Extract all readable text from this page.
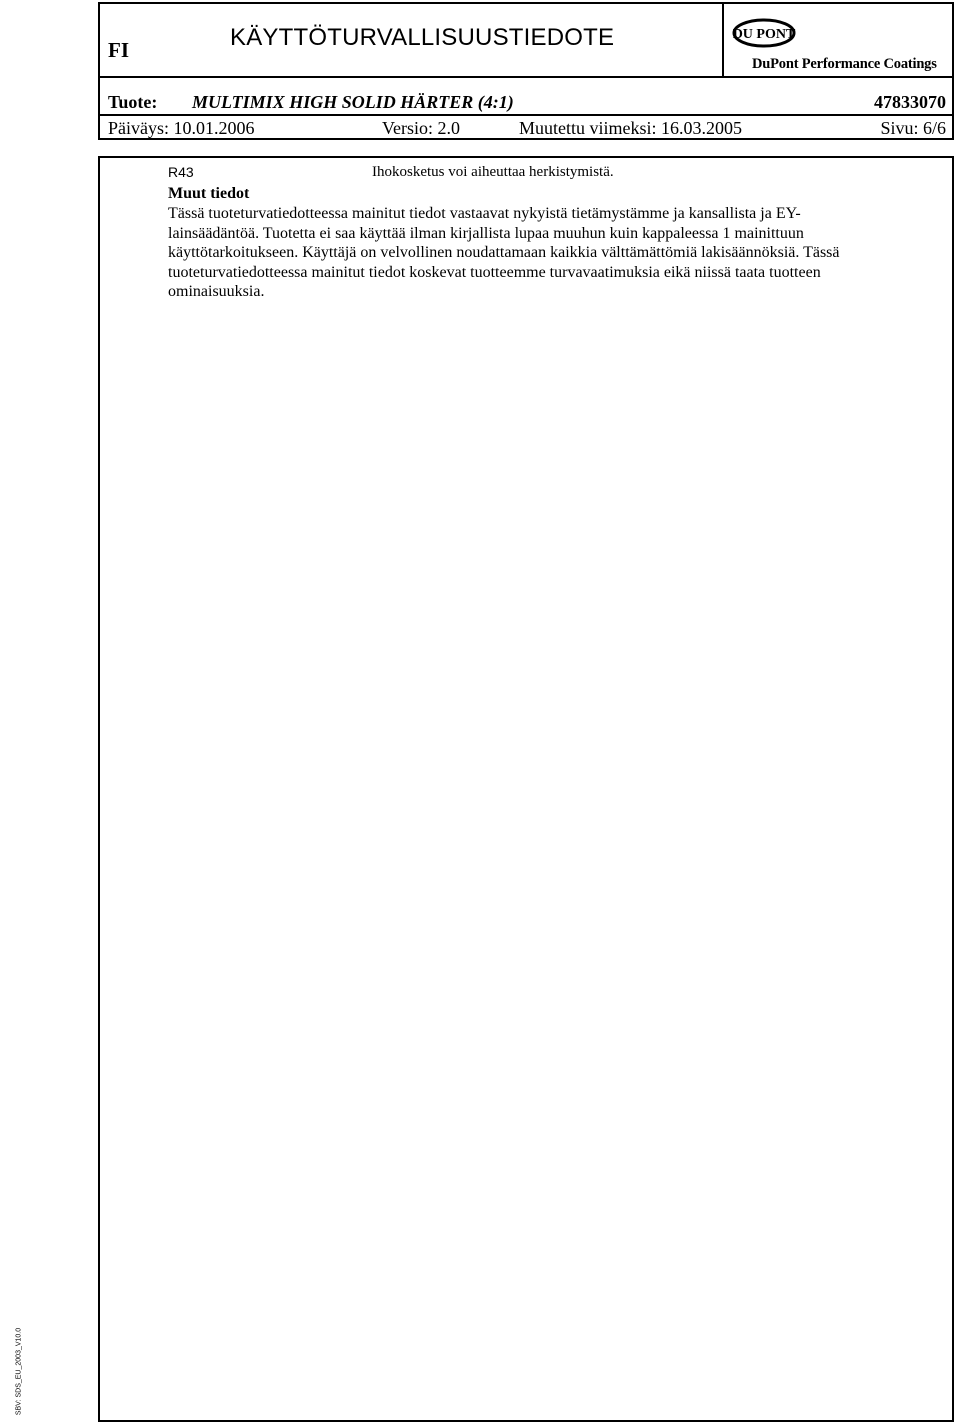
KÄYTTÖTURVALLISUUSTIEDOTE
FI
DU PONT
DuPont Performance Coatings
Tuote: MULTIMIX HIGH SOLID HÄRTER (4:1)	47833070
Päiväys: 10.01.2006	Versio: 2.0	Muutettu viimeksi: 16.03.2005	Sivu: 6/6
R43	Ihokosketus voi aiheuttaa herkistymistä.
Muut tiedot

Tässä tuoteturvatiedotteessa mainitut tiedot vastaavat nykyistä tietämystämme ja kansallista ja EY-
lainsäädäntöä. Tuotetta ei saa käyttää ilman kirjallista lupaa muuhun kuin kappaleessa 1 mainittuun
käyttötarkoitukseen. Käyttäjä on velvollinen noudattamaan kaikkia välttämättömiä lakisäännöksiä. Tässä
tuoteturvatiedotteessa mainitut tiedot koskevat tuotteemme turvavaatimuksia eikä niissä taata tuotteen
ominaisuuksia.

SBV: SDS_EU_2003_V10.0
